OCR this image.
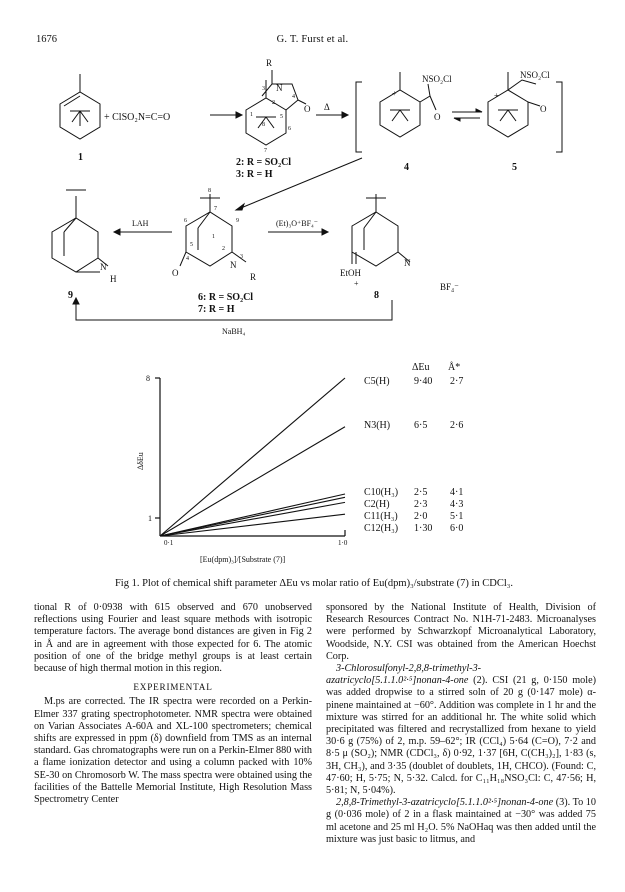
1676	G. T. Furst et al.
+ ClSO₂N=C=O
1	2: R = SO₂Cl
3: R = H
4	5
9	6: R = SO₂Cl
7: R = H
8
LAH	(Et)₃O⁺BF₄⁻
NaBH₄
Δ
R
N
O
3
4
2
1
8
5
6
7
NSO₂Cl
+
O
NSO₂Cl
+
O
N
H
8
7
9
6
1
5
2
4	3
O
N
R	EtOH
+
N
BF₄⁻
8
1
0·1	1·0
ΔδEu
[Eu(dpm)₃]/[Substrate (7)]
ΔEu Å*
C5(H) 9·40 2·7
N3(H) 6·5 2·6
C10(H₃) 2·5 4·1
C2(H) 2·3 4·3
C11(H₃) 2·0 5·1
C12(H₃) 1·30 6·0
Fig 1. Plot of chemical shift parameter ΔEu vs molar ratio of Eu(dpm)₃/substrate (7) in CDCl₃.

tional R of 0·0938 with 615 observed and 670 unobserved reflections using Fourier and least square methods with isotropic temperature factors. The average bond distances are given in Fig 2 in Å and are in agreement with those expected for 6. The atomic position of one of the bridge methyl groups is at least certain because of high thermal motion in this region.

EXPERIMENTAL

M.ps are corrected. The IR spectra were recorded on a Perkin-Elmer 337 grating spectrophotometer. NMR spectra were obtained on Varian Associates A-60A and XL-100 spectrometers; chemical shifts are expressed in ppm (δ) downfield from TMS as an internal standard. Gas chromatographs were run on a Perkin-Elmer 880 with a flame ionization detector and using a column packed with 10% SE-30 on Chromosorb W. The mass spectra were obtained using the facilities of the Battelle Memorial Institute, High Resolution Mass Spectrometry Center

sponsored by the National Institute of Health, Division of Research Resources Contract No. N1H-71-2483. Microanalyses were performed by Schwarzkopf Microanalytical Laboratory, Woodside, N.Y. CSI was obtained from the American Hoechst Corp.

3-Chlorosulfonyl-2,8,8-trimethyl-3-azatricyclo[5.1.1.0²·⁵]nonan-4-one (2). CSI (21 g, 0·150 mole) was added dropwise to a stirred soln of 20 g (0·147 mole) α-pinene maintained at −60°. Addition was complete in 1 hr and the mixture was stirred for an additional hr. The white solid which precipitated was filtered and recrystallized from hexane to yield 30·6 g (75%) of 2, m.p. 59–62°; IR (CCl₄) 5·64 (C=O), 7·2 and 8·5 μ (SO₂); NMR (CDCl₃, δ) 0·92, 1·37 [6H, C(CH₃)₂], 1·83 (s, 3H, CH₃), and 3·35 (doublet of doublets, 1H, CHCO). (Found: C, 47·60; H, 5·75; N, 5·32. Calcd. for C₁₁H₁₈NSO₃Cl: C, 47·56; H, 5·81; N, 5·04%).

2,8,8-Trimethyl-3-azatricyclo[5.1.1.0²·⁵]nonan-4-one (3). To 10 g (0·036 mole) of 2 in a flask maintained at −30° was added 75 ml acetone and 25 ml H₂O. 5% NaOHaq was then added until the mixture was just basic to litmus, and
